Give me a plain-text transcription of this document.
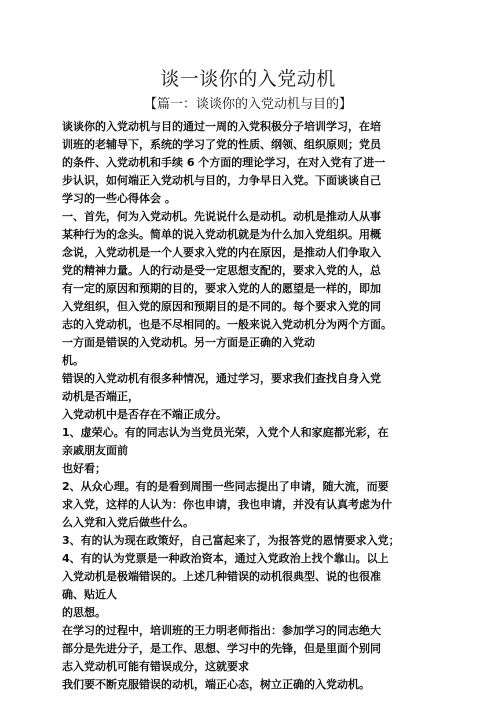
谈一谈你的入党动机
【篇一：谈谈你的入党动机与目的】
谈谈你的入党动机与目的通过一周的入党积极分子培训学习，在培
训班的老辅导下，系统的学习了党的性质、纲领、组织原则；党员
的条件、入党动机和手续 6 个方面的理论学习，在对入党有了进一
步认识，如何端正入党动机与目的，力争早日入党。下面谈谈自己
学习的一些心得体会 。
一、首先，何为入党动机。先说说什么是动机。动机是推动人从事
某种行为的念头。简单的说入党动机就是为什么加入党组织。用概
念说，入党动机是一个人要求入党的内在原因，是推动人们争取入
党的精神力量。人的行动是受一定思想支配的，要求入党的人，总
有一定的原因和预期的目的，要求入党的人的愿望是一样的，即加
入党组织，但入党的原因和预期目的是不同的。每个要求入党的同
志的入党动机，也是不尽相同的。一般来说入党动机分为两个方面。
一方面是错误的入党动机。另一方面是正确的入党动
机。
错误的入党动机有很多种情况，通过学习，要求我们查找自身入党
动机是否端正，
入党动机中是否存在不端正成分。
1、虚荣心。有的同志认为当党员光荣，入党个人和家庭都光彩，在
亲戚朋友面前
也好看；
2、从众心理。有的是看到周围一些同志提出了申请，随大流，而要
求入党，这样的人认为：你也申请，我也申请，并没有认真考虑为什
么入党和入党后做些什么。
3、有的认为现在政策好，自己富起来了，为报答党的恩情要求入党；
4、有的认为党票是一种政治资本，通过入党政治上找个靠山。以上
入党动机是极端错误的。上述几种错误的动机很典型、说的也很准
确、贴近人
的思想。
在学习的过程中，培训班的王力明老师指出：参加学习的同志绝大
部分是先进分子，是工作、思想、学习中的先锋，但是里面个别同
志入党动机可能有错误成分，这就要求
我们要不断克服错误的动机，端正心态，树立正确的入党动机。
